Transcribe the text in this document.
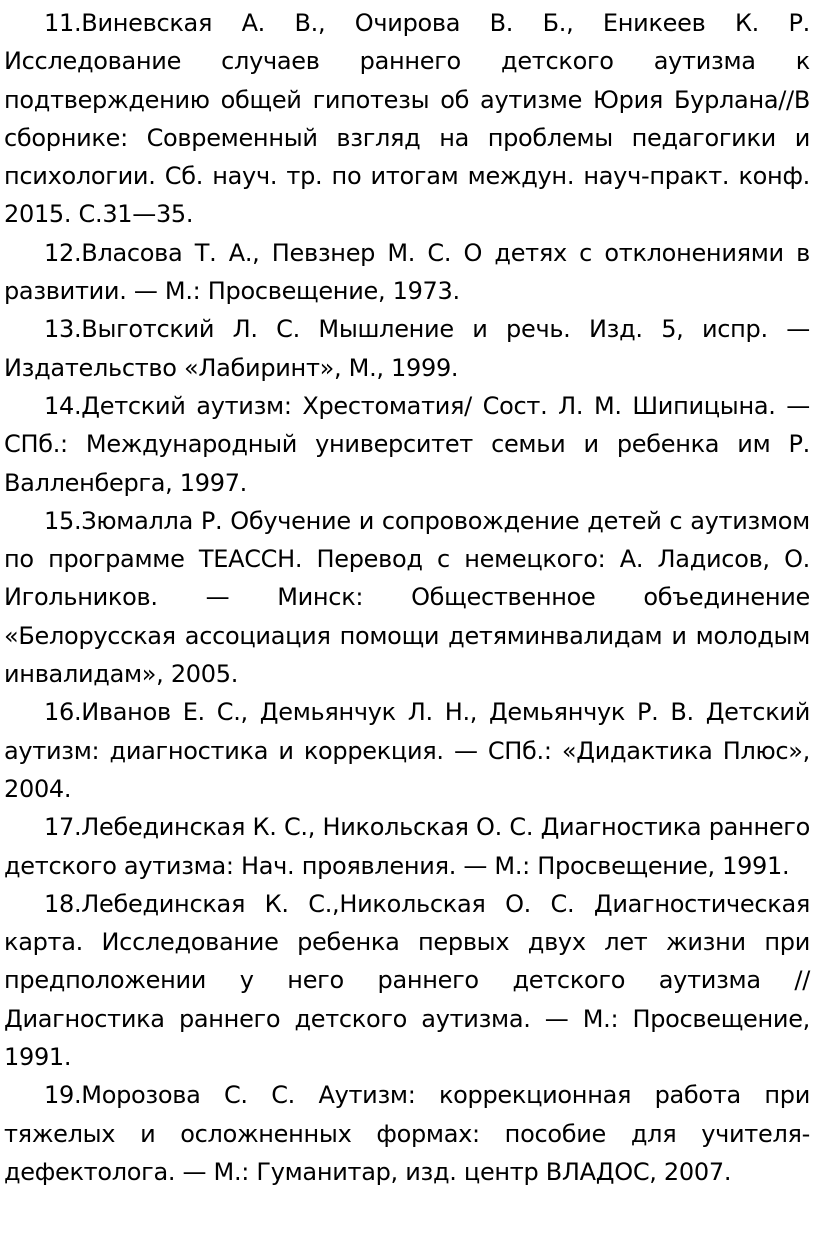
11.Виневская А. В., Очирова В. Б., Еникеев К. Р. Исследование случаев раннего детского аутизма к подтверждению общей гипотезы об аутизме Юрия Бурлана//В сборнике: Современный взгляд на проблемы педагогики и психологии. Сб. науч. тр. по итогам междун. науч-практ. конф. 2015. С.31—35.

12.Власова Т. А., Певзнер М. С. О детях с отклонениями в развитии. — М.: Просвещение, 1973.

13.Выготский Л. С. Мышление и речь. Изд. 5, испр. — Издательство «Лабиринт», М., 1999.

14.Детский аутизм: Хрестоматия/ Сост. Л. М. Шипицына. — СПб.: Международный университет семьи и ребенка им Р. Валленберга, 1997.

15.Зюмалла Р. Обучение и сопровождение детей с аутизмом по программе ТЕАССН. Перевод с немецкого: А. Ладисов, О. Игольников. — Минск: Общественное объединение «Белорусская ассоциация помощи детяминвалидам и молодым инвалидам», 2005.

16.Иванов Е. С., Демьянчук Л. Н., Демьянчук Р. В. Детский аутизм: диагностика и коррекция. — СПб.: «Дидактика Плюс», 2004.

17.Лебединская К. С., Никольская О. С. Диагностика раннего детского аутизма: Нач. проявления. — М.: Просвещение, 1991.

18.Лебединская К. С.,Никольская О. С. Диагностическая карта. Исследование ребенка первых двух лет жизни при предположении у него раннего детского аутизма // Диагностика раннего детского аутизма. — М.: Просвещение, 1991.

19.Морозова С. С. Аутизм: коррекционная работа при тяжелых и осложненных формах: пособие для учителя-дефектолога. — М.: Гуманитар, изд. центр ВЛАДОС, 2007.
